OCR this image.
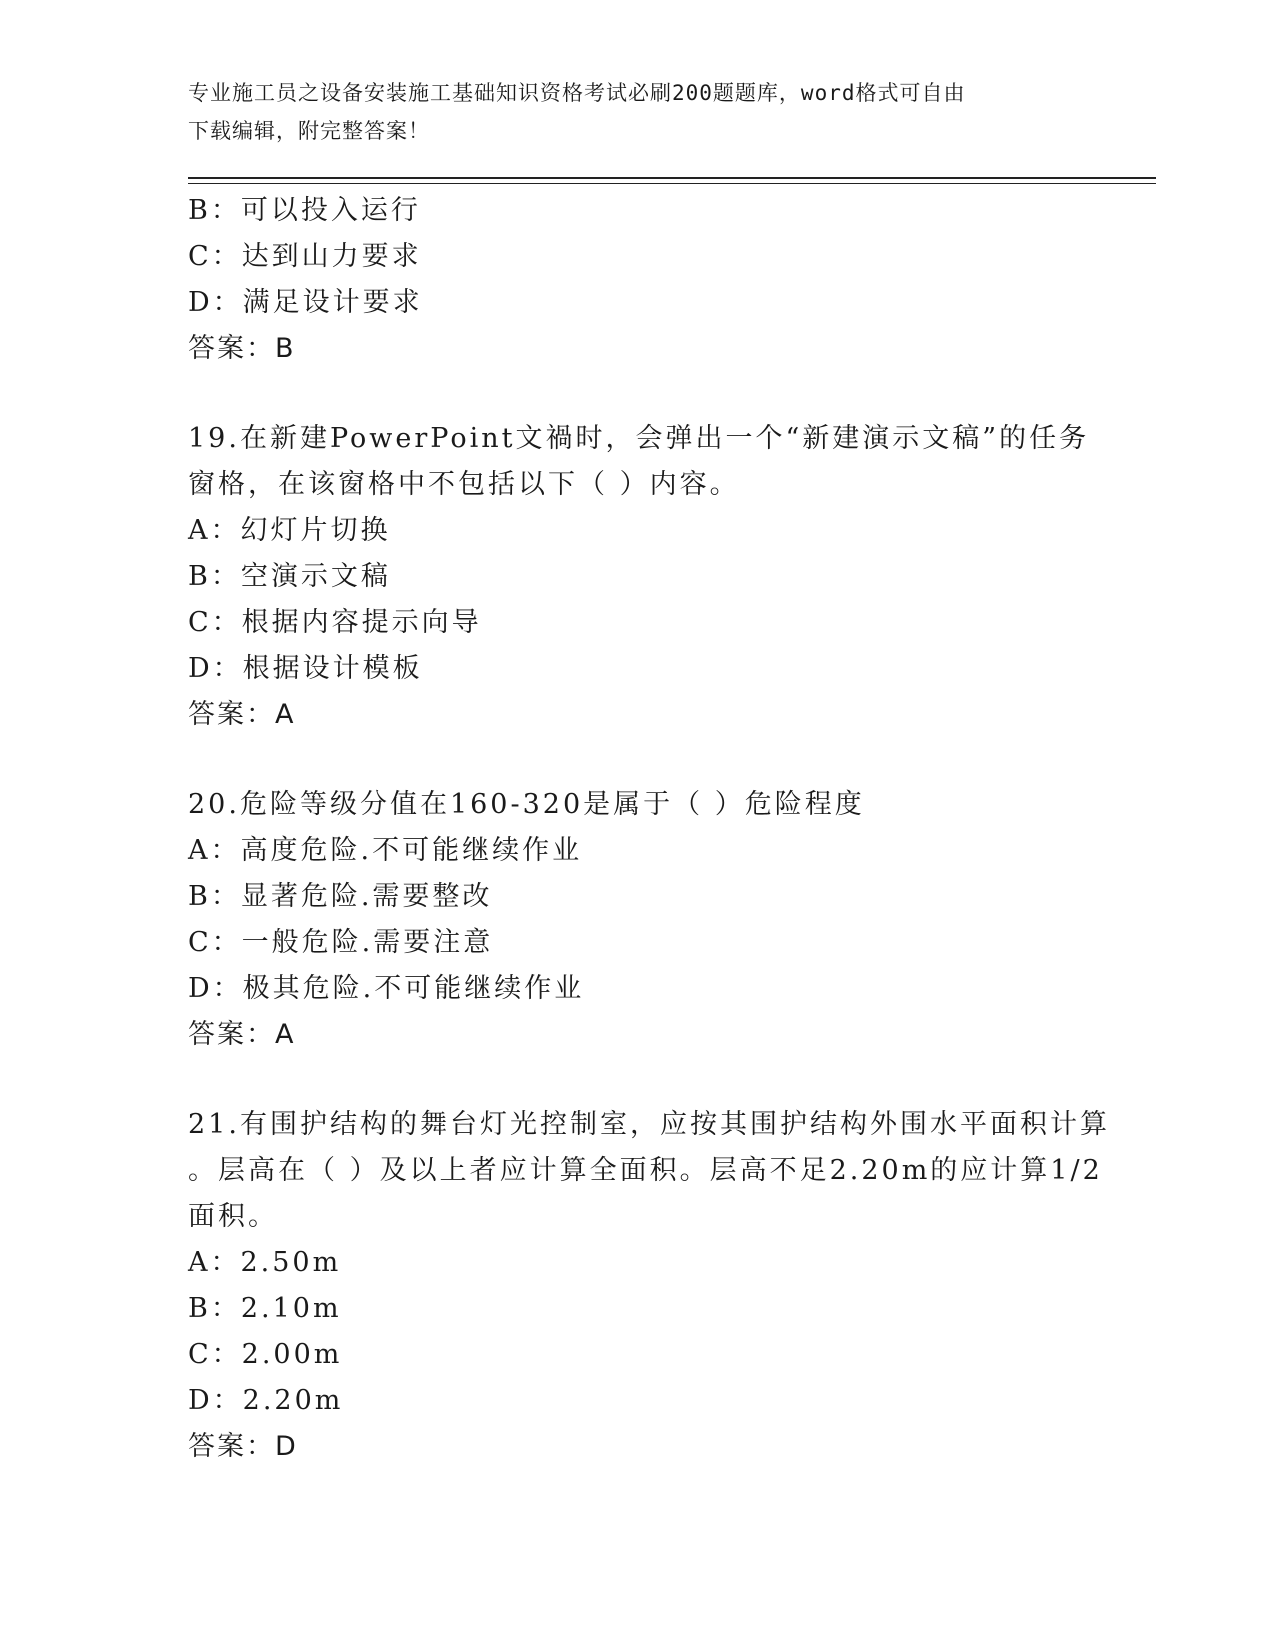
专业施工员之设备安装施工基础知识资格考试必刷200题题库，word格式可自由
下载编辑，附完整答案！
B：可以投入运行
C：达到山力要求
D：满足设计要求
答案：B
19.在新建PowerPoint文禍时，会弹出一个“新建演示文稿”的任务
窗格，在该窗格中不包括以下（ ）内容。
A：幻灯片切换
B：空演示文稿
C：根据内容提示向导
D：根据设计模板
答案：A
20.危险等级分值在160-320是属于（ ）危险程度
A：高度危险.不可能继续作业
B：显著危险.需要整改
C：一般危险.需要注意
D：极其危险.不可能继续作业
答案：A
21.有围护结构的舞台灯光控制室，应按其围护结构外围水平面积计算
。层高在（ ）及以上者应计算全面积。层高不足2.20m的应计算1/2
面积。
A：2.50m
B：2.10m
C：2.00m
D：2.20m
答案：D
